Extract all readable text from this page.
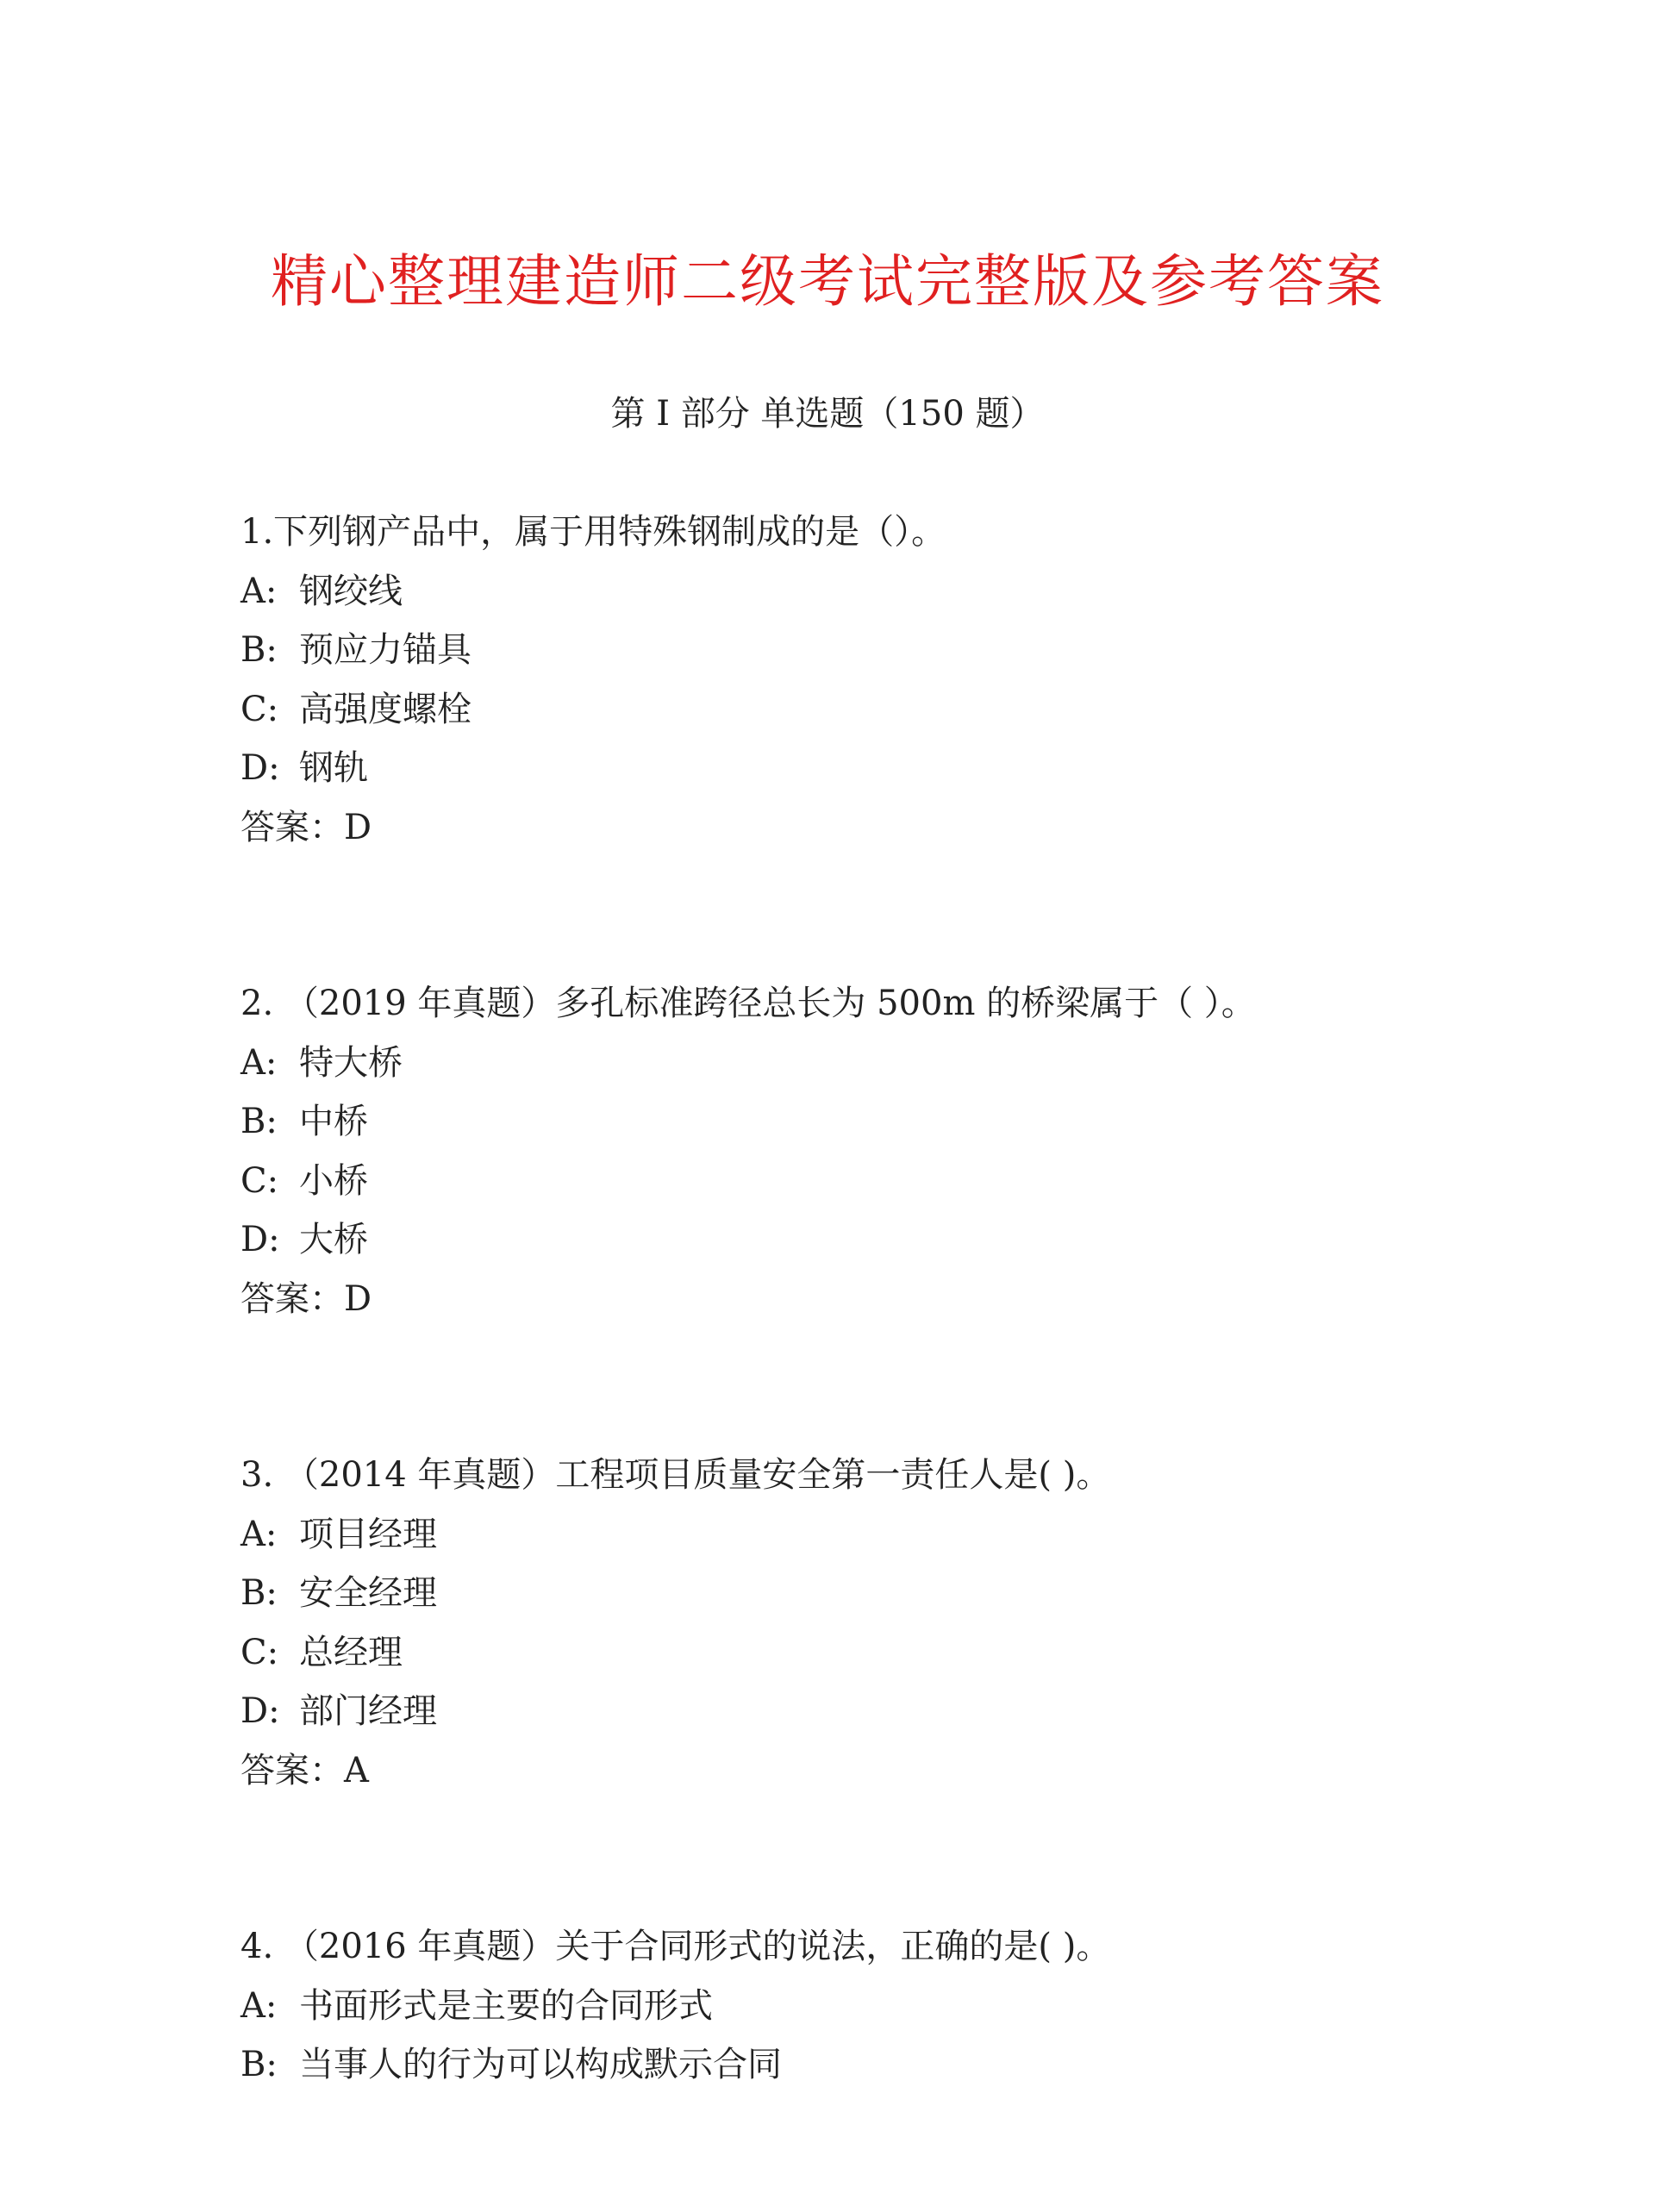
精心整理建造师二级考试完整版及参考答案
第 I 部分 单选题（150 题）
1.下列钢产品中，属于用特殊钢制成的是（）。
A: 钢绞线
B: 预应力锚具
C: 高强度螺栓
D: 钢轨
答案：D
2. （2019 年真题）多孔标准跨径总长为 500m 的桥梁属于（ ）。
A: 特大桥
B: 中桥
C: 小桥
D: 大桥
答案：D
3. （2014 年真题）工程项目质量安全第一责任人是( )。
A: 项目经理
B: 安全经理
C: 总经理
D: 部门经理
答案：A
4. （2016 年真题）关于合同形式的说法，正确的是( )。
A: 书面形式是主要的合同形式
B: 当事人的行为可以构成默示合同
